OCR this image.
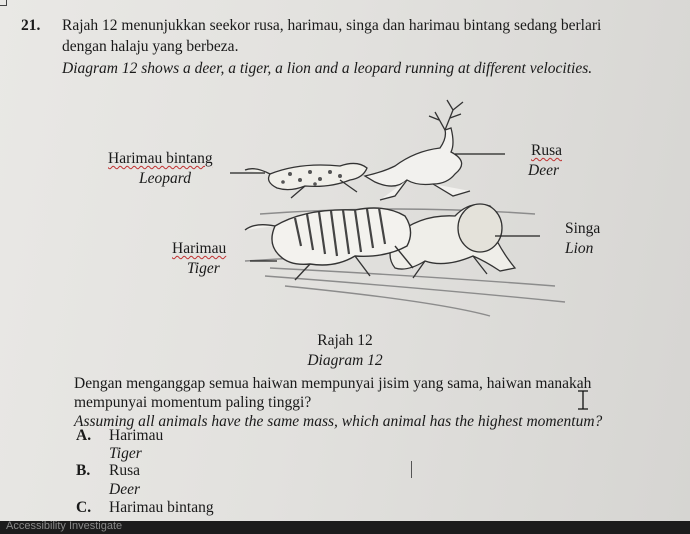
21. Rajah 12 menunjukkan seekor rusa, harimau, singa dan harimau bintang sedang berlari
dengan halaju yang berbeza.
Diagram 12 shows a deer, a tiger, a lion and a leopard running at different velocities.
Harimau bintang
Leopard
Rusa
Deer
Singa
Lion
Harimau
Tiger
Rajah 12
Diagram 12
Dengan menganggap semua haiwan mempunyai jisim yang sama, haiwan manakah
mempunyai momentum paling tinggi?
Assuming all animals have the same mass, which animal has the highest momentum?
A. Harimau
Tiger
B. Rusa
Deer
C. Harimau bintang
Accessibility Investigate
